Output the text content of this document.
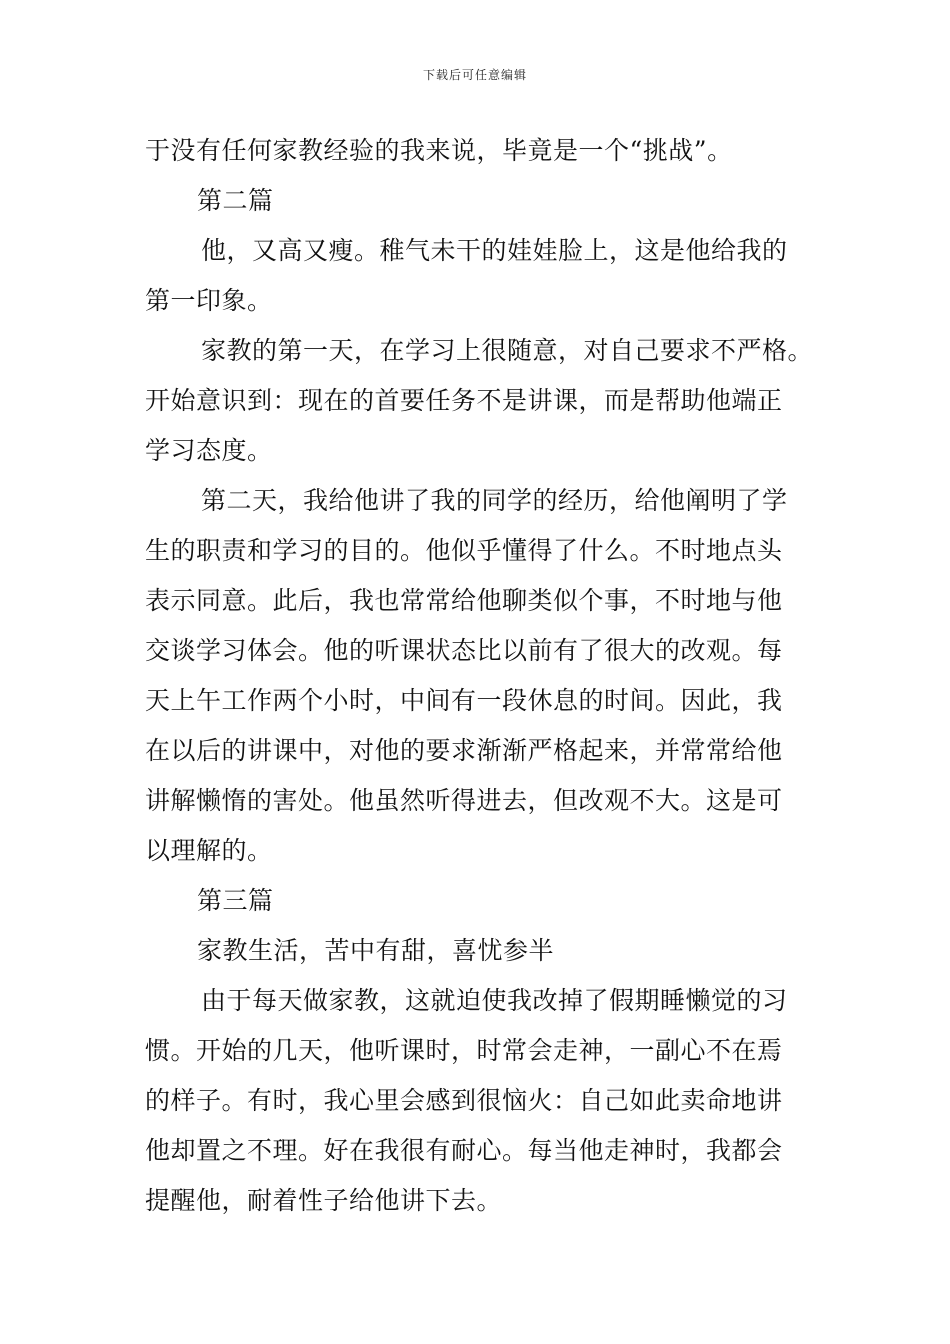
下载后可任意编辑
于没有任何家教经验的我来说，毕竟是一个“挑战”。
第二篇
他，又高又瘦。稚气未干的娃娃脸上，这是他给我的
第一印象。
家教的第一天，在学习上很随意，对自己要求不严格。
开始意识到：现在的首要任务不是讲课，而是帮助他端正
学习态度。
第二天，我给他讲了我的同学的经历，给他阐明了学
生的职责和学习的目的。他似乎懂得了什么。不时地点头
表示同意。此后，我也常常给他聊类似个事，不时地与他
交谈学习体会。他的听课状态比以前有了很大的改观。每
天上午工作两个小时，中间有一段休息的时间。因此，我
在以后的讲课中，对他的要求渐渐严格起来，并常常给他
讲解懒惰的害处。他虽然听得进去，但改观不大。这是可
以理解的。
第三篇
家教生活，苦中有甜，喜忧参半
由于每天做家教，这就迫使我改掉了假期睡懒觉的习
惯。开始的几天，他听课时，时常会走神，一副心不在焉
的样子。有时，我心里会感到很恼火：自己如此卖命地讲
他却置之不理。好在我很有耐心。每当他走神时，我都会
提醒他，耐着性子给他讲下去。
